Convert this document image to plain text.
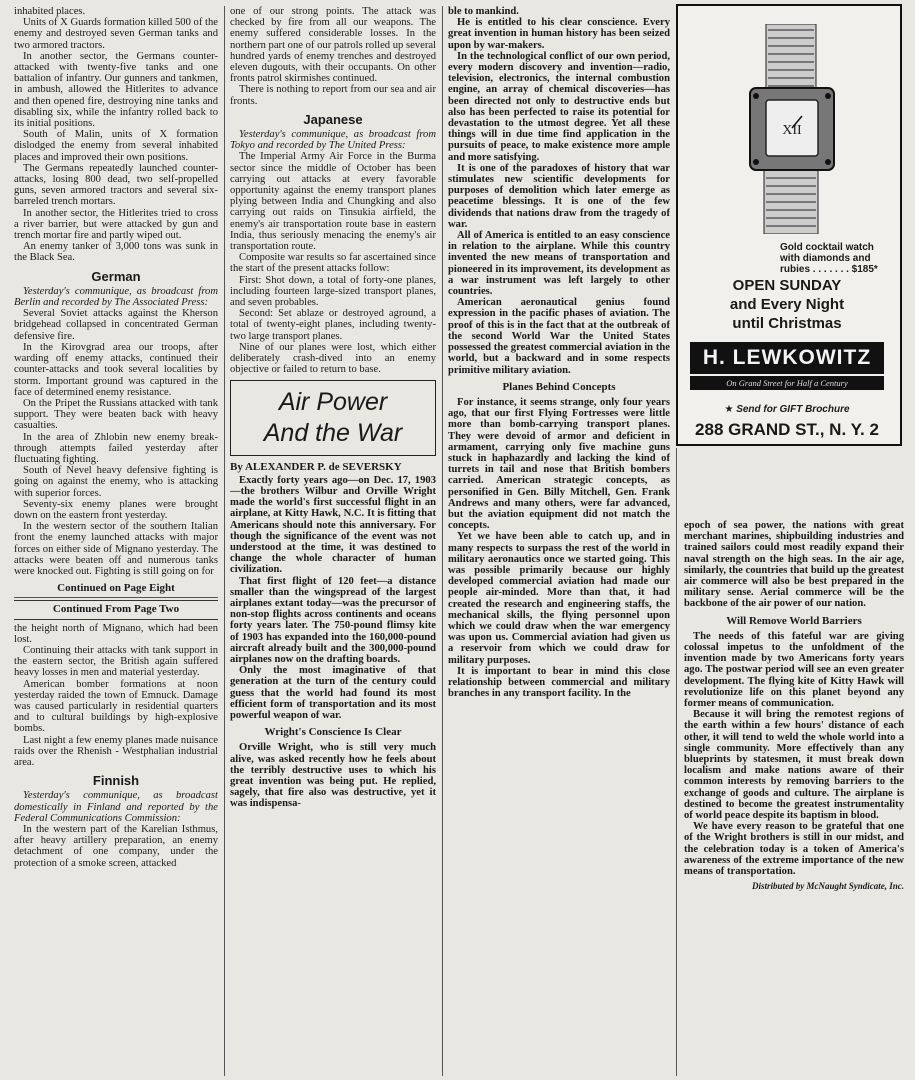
inhabited places.

Units of X Guards formation killed 500 of the enemy and destroyed seven German tanks and two armored tractors.

In another sector, the Germans counter-attacked with twenty-five tanks and one battalion of infantry. Our gunners and tankmen, in ambush, allowed the Hitlerites to advance and then opened fire, destroying nine tanks and disabling six, while the infantry rolled back to its initial positions.

South of Malin, units of X formation dislodged the enemy from several inhabited places and improved their own positions.

The Germans repeatedly launched counter-attacks, losing 800 dead, two self-propelled guns, seven armored tractors and several six-barreled trench mortars.

In another sector, the Hitlerites tried to cross a river barrier, but were attacked by gun and trench mortar fire and partly wiped out.

An enemy tanker of 3,000 tons was sunk in the Black Sea.

German

Yesterday's communique, as broadcast from Berlin and recorded by The Associated Press:

Several Soviet attacks against the Kherson bridgehead collapsed in concentrated German defensive fire.

In the Kirovgrad area our troops, after warding off enemy attacks, continued their counter-attacks and took several localities by storm. Important ground was captured in the face of determined enemy resistance.

On the Pripet the Russians attacked with tank support. They were beaten back with heavy casualties.

In the area of Zhlobin new enemy break-through attempts failed yesterday after fluctuating fighting.

South of Nevel heavy defensive fighting is going on against the enemy, who is attacking with superior forces.

Seventy-six enemy planes were brought down on the eastern front yesterday.

In the western sector of the southern Italian front the enemy launched attacks with major forces on either side of Mignano yesterday. The attacks were beaten off and numerous tanks were knocked out. Fighting is still going on for

Continued on Page Eight
Continued From Page Two

the height north of Mignano, which had been lost.

Continuing their attacks with tank support in the eastern sector, the British again suffered heavy losses in men and material yesterday.

American bomber formations at noon yesterday raided the town of Emnuck. Damage was caused particularly in residential quarters and to cultural buildings by high-explosive bombs.

Last night a few enemy planes made nuisance raids over the Rhenish - Westphalian industrial area.

Finnish

Yesterday's communique, as broadcast domestically in Finland and reported by the Federal Communications Commission:

In the western part of the Karelian Isthmus, after heavy artillery preparation, an enemy detachment of one company, under the protection of a smoke screen, attacked

one of our strong points. The attack was checked by fire from all our weapons. The enemy suffered considerable losses. In the northern part one of our patrols rolled up several hundred yards of enemy trenches and destroyed eleven dugouts, with their occupants. On other fronts patrol skirmishes continued.

There is nothing to report from our sea and air fronts.

Japanese

Yesterday's communique, as broadcast from Tokyo and recorded by The United Press:

The Imperial Army Air Force in the Burma sector since the middle of October has been carrying out attacks at every favorable opportunity against the enemy transport planes plying between India and Chungking and also carrying out raids on Tinsukia airfield, the enemy's air transportation route base in eastern India, thus seriously menacing the enemy's air transportation route.

Composite war results so far ascertained since the start of the present attacks follow:

First: Shot down, a total of forty-one planes, including fourteen large-sized transport planes, and seven probables.

Second: Set ablaze or destroyed aground, a total of twenty-eight planes, including twenty-two large transport planes.

Nine of our planes were lost, which either deliberately crash-dived into an enemy objective or failed to return to base.

Air Power
And the War
By ALEXANDER P. de SEVERSKY

Exactly forty years ago—on Dec. 17, 1903—the brothers Wilbur and Orville Wright made the world's first successful flight in an airplane, at Kitty Hawk, N.C. It is fitting that Americans should note this anniversary. For though the significance of the event was not understood at the time, it was destined to change the whole character of human civilization.

That first flight of 120 feet—a distance smaller than the wingspread of the largest airplanes extant today—was the precursor of non-stop flights across continents and oceans forty years later. The 750-pound flimsy kite of 1903 has expanded into the 160,000-pound aircraft already built and the 300,000-pound airplanes now on the drafting boards.

Only the most imaginative of that generation at the turn of the century could guess that the world had found its most efficient form of transportation and its most powerful weapon of war.

Wright's Conscience Is Clear

Orville Wright, who is still very much alive, was asked recently how he feels about the terribly destructive uses to which his great invention was being put. He replied, sagely, that fire also was destructive, yet it was indispensa-

ble to mankind.

He is entitled to his clear conscience. Every great invention in human history has been seized upon by war-makers.

In the technological conflict of our own period, every modern discovery and invention—radio, television, electronics, the internal combustion engine, an array of chemical discoveries—has been directed not only to destructive ends but also has been perfected to raise its potential for devastation to the utmost degree. Yet all these things will in due time find application in the pursuits of peace, to make existence more ample and more satisfying.

It is one of the paradoxes of history that war stimulates new scientific developments for purposes of demolition which later emerge as peacetime blessings. It is one of the few dividends that nations draw from the tragedy of war.

All of America is entitled to an easy conscience in relation to the airplane. While this country invented the new means of transportation and pioneered in its improvement, its development as a war instrument was left largely to other countries.

American aeronautical genius found expression in the pacific phases of aviation. The proof of this is in the fact that at the outbreak of the second World War the United States possessed the greatest commercial aviation in the world, but a backward and in some respects primitive military aviation.

Planes Behind Concepts

For instance, it seems strange, only four years ago, that our first Flying Fortresses were little more than bomb-carrying transport planes. They were devoid of armor and deficient in armament, carrying only five machine guns stuck in haphazardly and lacking the kind of turrets in tail and nose that British bombers carried. American strategic concepts, as personified in Gen. Billy Mitchell, Gen. Frank Andrews and many others, were far advanced, but the aviation equipment did not match the concepts.

Yet we have been able to catch up, and in many respects to surpass the rest of the world in military aeronautics once we started going. This was possible primarily because our highly developed commercial aviation had made our people air-minded. More than that, it had created the research and engineering staffs, the mechanical skills, the flying personnel upon which we could draw when the war emergency was upon us. Commercial aviation had given us a reservoir from which we could draw for military purposes.

It is important to bear in mind this close relationship between commercial and military branches in any transport facility. In the

XII
Gold cocktail watch
with diamonds and
rubies . . . . . . . $185*
OPEN SUNDAY
and Every Night
until Christmas
H. LEWKOWITZ
On Grand Street for Half a Century
★ Send for GIFT Brochure
288 GRAND ST., N. Y. 2

epoch of sea power, the nations with great merchant marines, shipbuilding industries and trained sailors could most readily expand their naval strength on the high seas. In the air age, similarly, the countries that build up the greatest air commerce will also be best prepared in the military sense. Aerial commerce will be the backbone of the air power of our nation.

Will Remove World Barriers

The needs of this fateful war are giving colossal impetus to the unfoldment of the invention made by two Americans forty years ago. The postwar period will see an even greater development. The flying kite of Kitty Hawk will revolutionize life on this planet beyond any former means of communication.

Because it will bring the remotest regions of the earth within a few hours' distance of each other, it will tend to weld the whole world into a single community. More effectively than any blueprints by statesmen, it must break down localism and make nations aware of their common interests by removing barriers to the exchange of goods and culture. The airplane is destined to become the greatest instrumentality of world peace despite its baptism in blood.

We have every reason to be grateful that one of the Wright brothers is still in our midst, and the celebration today is a token of America's awareness of the extreme importance of the new means of transportation.

Distributed by McNaught Syndicate, Inc.
